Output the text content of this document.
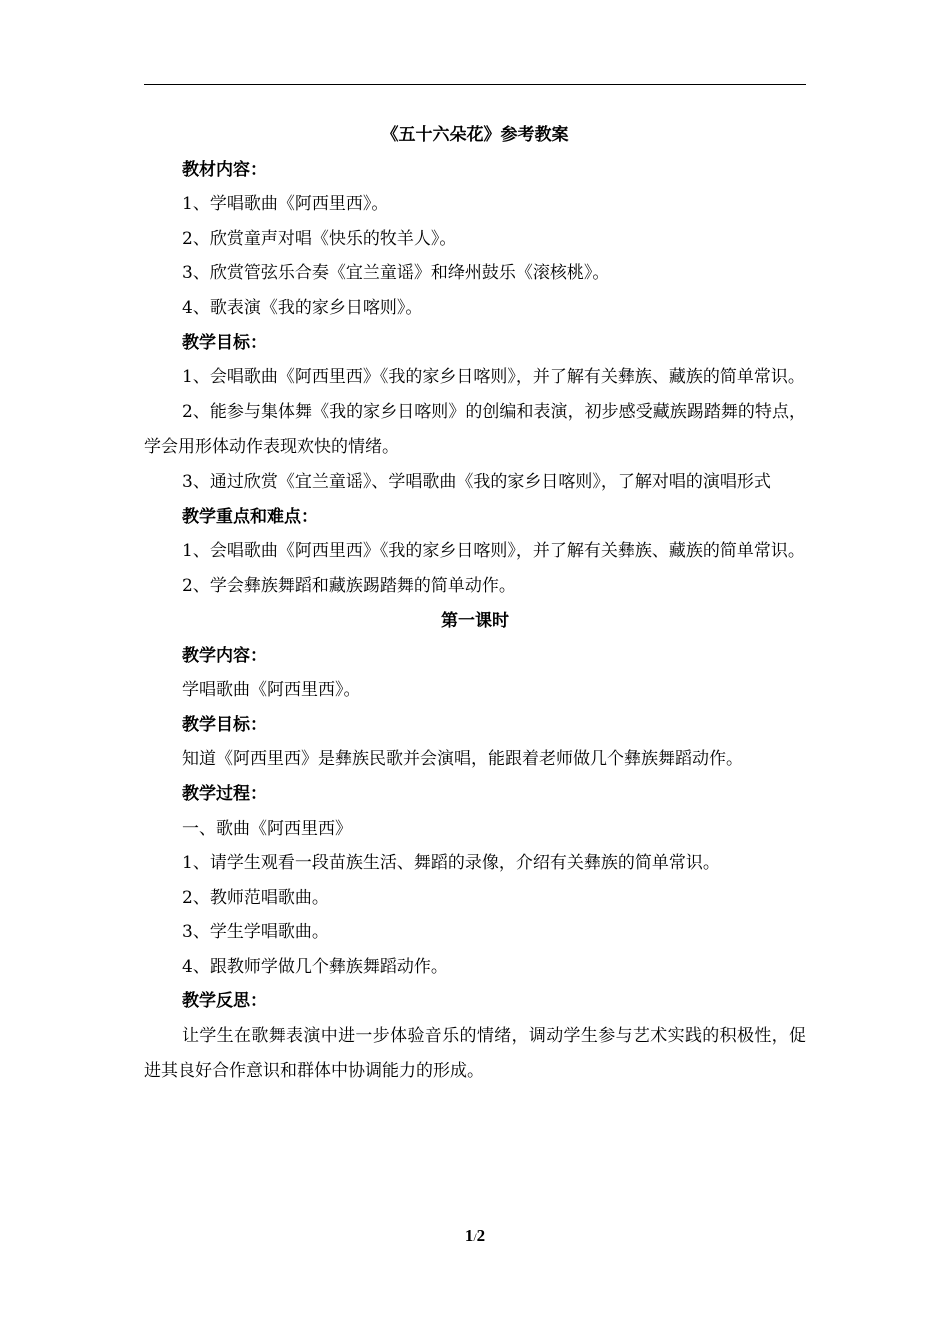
《五十六朵花》参考教案
教材内容：
1、学唱歌曲《阿西里西》。
2、欣赏童声对唱《快乐的牧羊人》。
3、欣赏管弦乐合奏《宜兰童谣》和绛州鼓乐《滚核桃》。
4、歌表演《我的家乡日喀则》。
教学目标：

1、会唱歌曲《阿西里西》《我的家乡日喀则》，并了解有关彝族、藏族的简单常识。

2、能参与集体舞《我的家乡日喀则》的创编和表演，初步感受藏族踢踏舞的特点，学会用形体动作表现欢快的情绪。

3、通过欣赏《宜兰童谣》、学唱歌曲《我的家乡日喀则》，了解对唱的演唱形式
教学重点和难点：

1、会唱歌曲《阿西里西》《我的家乡日喀则》，并了解有关彝族、藏族的简单常识。

2、学会彝族舞蹈和藏族踢踏舞的简单动作。
第一课时
教学内容：
学唱歌曲《阿西里西》。
教学目标：
知道《阿西里西》是彝族民歌并会演唱，能跟着老师做几个彝族舞蹈动作。
教学过程：
一、歌曲《阿西里西》
1、请学生观看一段苗族生活、舞蹈的录像，介绍有关彝族的简单常识。
2、教师范唱歌曲。
3、学生学唱歌曲。
4、跟教师学做几个彝族舞蹈动作。
教学反思：

让学生在歌舞表演中进一步体验音乐的情绪，调动学生参与艺术实践的积极性，促进其良好合作意识和群体中协调能力的形成。

1/2
